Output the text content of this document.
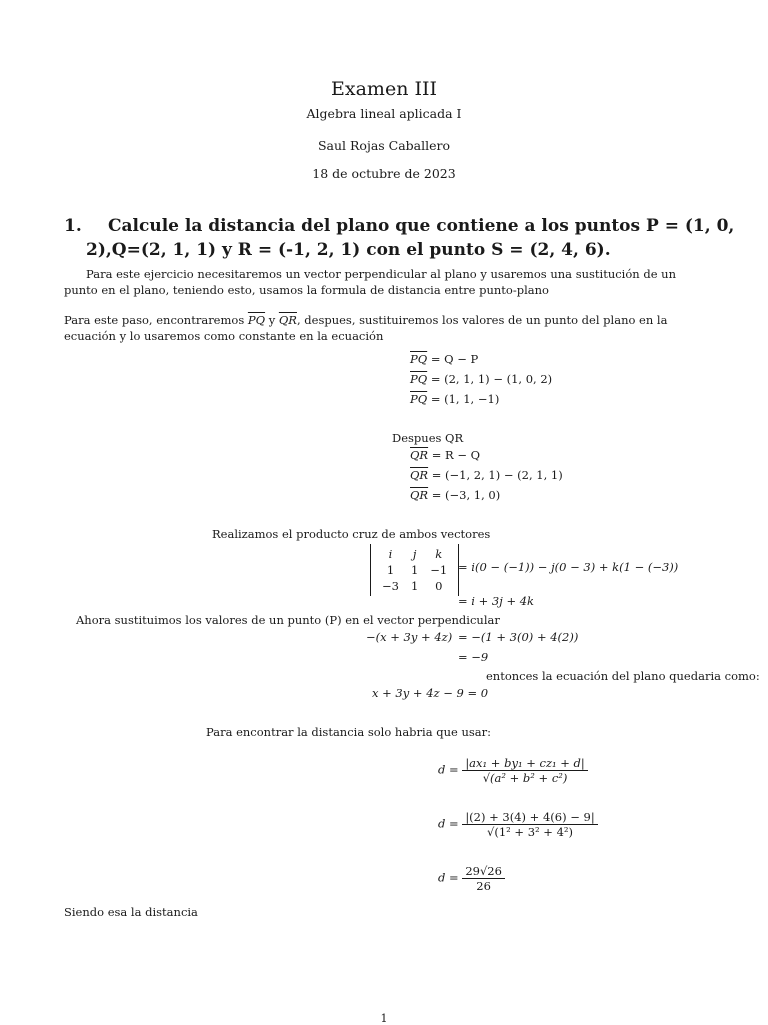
Examen III
Algebra lineal aplicada I
Saul Rojas Caballero
18 de octubre de 2023
1. Calcule la distancia del plano que contiene a los puntos P = (1, 0,
2),Q=(2, 1, 1) y R = (-1, 2, 1) con el punto S = (2, 4, 6).
Para este ejercicio necesitaremos un vector perpendicular al plano y usaremos una sustitución de un punto en el plano, teniendo esto, usamos la formula de distancia entre punto-plano
Para este paso, encontraremos $\overline{PQ}$ y $\overline{QR}$, despues, sustituiremos los valores de un punto del plano en la ecuación y lo usaremos como constante en la ecuación
$\overline{PQ} = Q - P$
$\overline{PQ} = (2$, 1, 1) − (1, 0, 2)
$\overline{PQ} = (1$, 1, −1)
Despues QR
$\overline{QR} = R - Q$
$\overline{QR} = (-1$, 2, 1) − (2, 1, 1)
$\overline{QR} = (-3$, 1, 0)
Realizamos el producto cruz de ambos vectores
i	j	k
1	1	−1
−3	1	0
= i(0 − (−1)) − j(0 − 3) + k(1 − (−3))
= i + 3j + 4k
Ahora sustituimos los valores de un punto (P) en el vector perpendicular
−(x + 3y + 4z) = −(1 + 3(0) + 4(2))
= −9
entonces la ecuación del plano quedaria como:
x + 3y + 4z − 9 = 0
Para encontrar la distancia solo habria que usar:
$d = \frac{\text{|ax₁ + by₁ + cz₁ + d|}}{\text{√(a² + b² + c²)}}$
$d = \frac{|(2) + 3(4) + 4(6) - 9|}{\text{√(1² + 3² + 4²)}}$
$d = \frac{29√26}{26}$
Siendo esa la distancia
1
